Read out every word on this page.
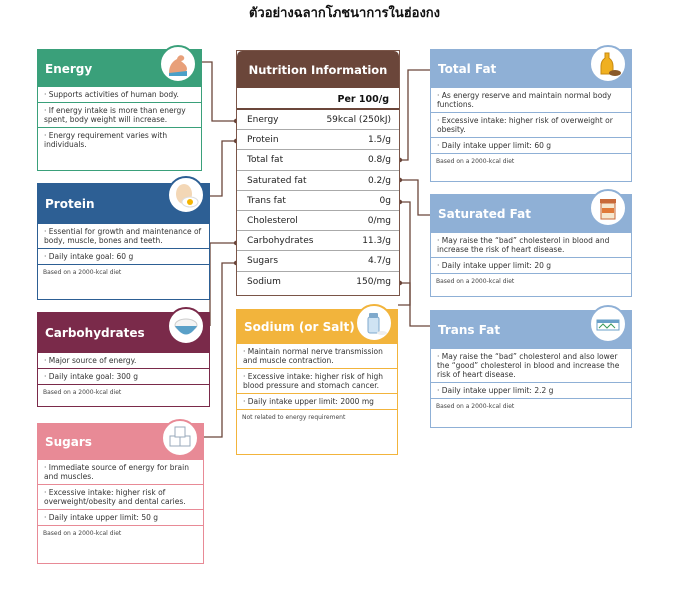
ตัวอย่างฉลากโภชนาการในฮ่องกง
Energy
· Supports activities of human body.
· If energy intake is more than energy spent, body weight will increase.
· Energy requirement varies with individuals.
Protein
· Essential for growth and maintenance of body, muscle, bones and teeth.
· Daily intake goal: 60 g
Based on a 2000-kcal diet
Carbohydrates
· Major source of energy.
· Daily intake goal: 300 g
Based on a 2000-kcal diet
Sugars
· Immediate source of energy for brain and muscles.
· Excessive intake: higher risk of overweight/obesity and dental caries.
· Daily intake upper limit: 50 g
Based on a 2000-kcal diet
Nutrition Information
Per 100/g
Energy	59kcal (250kJ)
Protein	1.5/g
Total fat	0.8/g
Saturated fat	0.2/g
Trans fat	0g
Cholesterol	0/mg
Carbohydrates	11.3/g
Sugars	4.7/g
Sodium	150/mg
Sodium (or Salt)
· Maintain normal nerve transmission and muscle contraction.
· Excessive intake: higher risk of high blood pressure and stomach cancer.
· Daily intake upper limit: 2000 mg
Not related to energy requirement
Total Fat
· As energy reserve and maintain normal body functions.
· Excessive intake: higher risk of overweight or obesity.
· Daily intake upper limit: 60 g
Based on a 2000-kcal diet
Saturated Fat
· May raise the “bad” cholesterol in blood and increase the risk of heart disease.
· Daily intake upper limit: 20 g
Based on a 2000-kcal diet
Trans Fat
· May raise the “bad” cholesterol and also lower the “good” cholesterol in blood and increase the risk of heart disease.
· Daily intake upper limit: 2.2 g
Based on a 2000-kcal diet
